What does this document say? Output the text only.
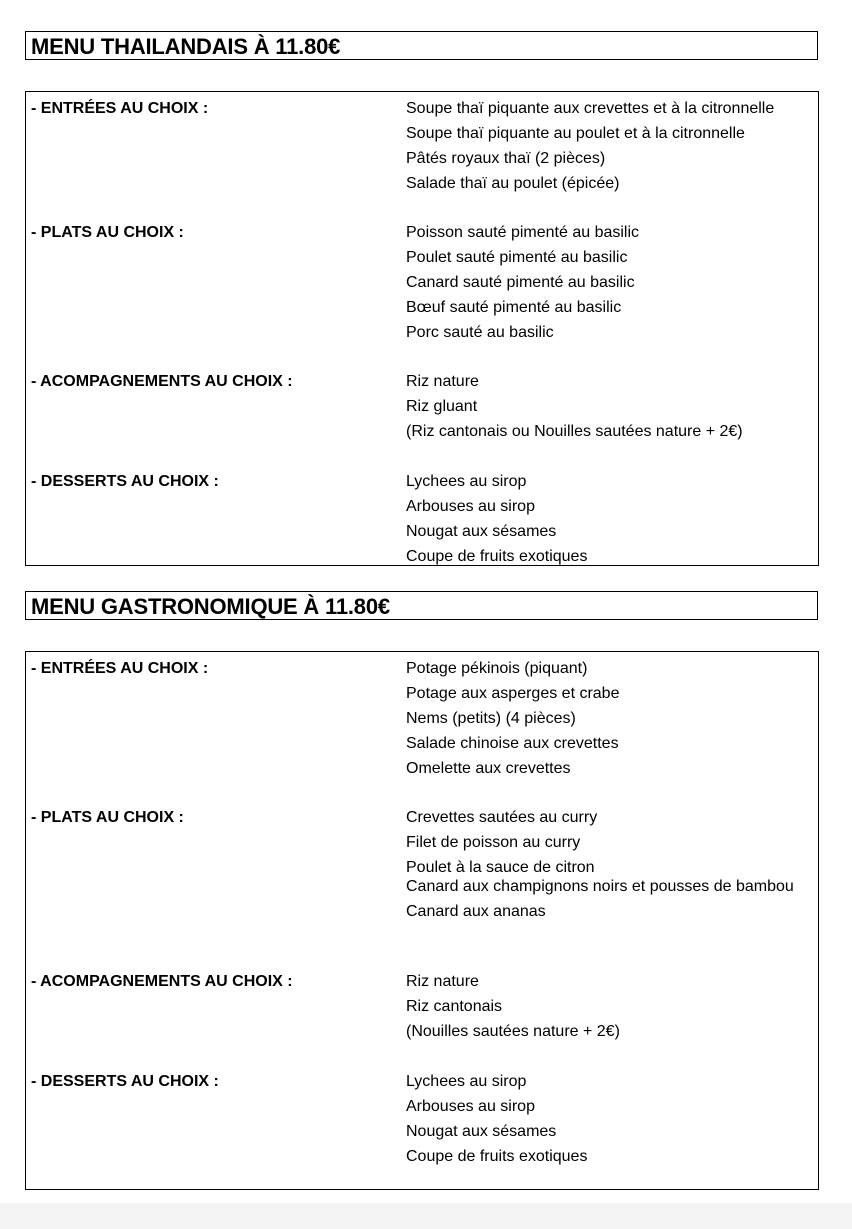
MENU THAILANDAIS À 11.80€
- ENTRÉES AU CHOIX :	Soupe thaï piquante aux crevettes et à la citronnelle
Soupe thaï piquante au poulet et à la citronnelle
Pâtés royaux thaï (2 pièces)
Salade thaï au poulet (épicée)
- PLATS AU CHOIX :	Poisson sauté pimenté au basilic
Poulet sauté pimenté au basilic
Canard sauté pimenté au basilic
Bœuf sauté pimenté au basilic
Porc sauté au basilic
- ACOMPAGNEMENTS AU CHOIX :	Riz nature
Riz gluant
(Riz cantonais ou Nouilles sautées nature + 2€)
- DESSERTS AU CHOIX :	Lychees au sirop
Arbouses au sirop
Nougat aux sésames
Coupe de fruits exotiques
MENU GASTRONOMIQUE À 11.80€
- ENTRÉES AU CHOIX :	Potage pékinois (piquant)
Potage aux asperges et crabe
Nems (petits) (4 pièces)
Salade chinoise aux crevettes
Omelette aux crevettes
- PLATS AU CHOIX :	Crevettes sautées au curry
Filet de poisson au curry
Poulet à la sauce de citron
Canard aux champignons noirs et pousses de bambou
Canard aux ananas
- ACOMPAGNEMENTS AU CHOIX :	Riz nature
Riz cantonais
(Nouilles sautées nature + 2€)
- DESSERTS AU CHOIX :	Lychees au sirop
Arbouses au sirop
Nougat aux sésames
Coupe de fruits exotiques
